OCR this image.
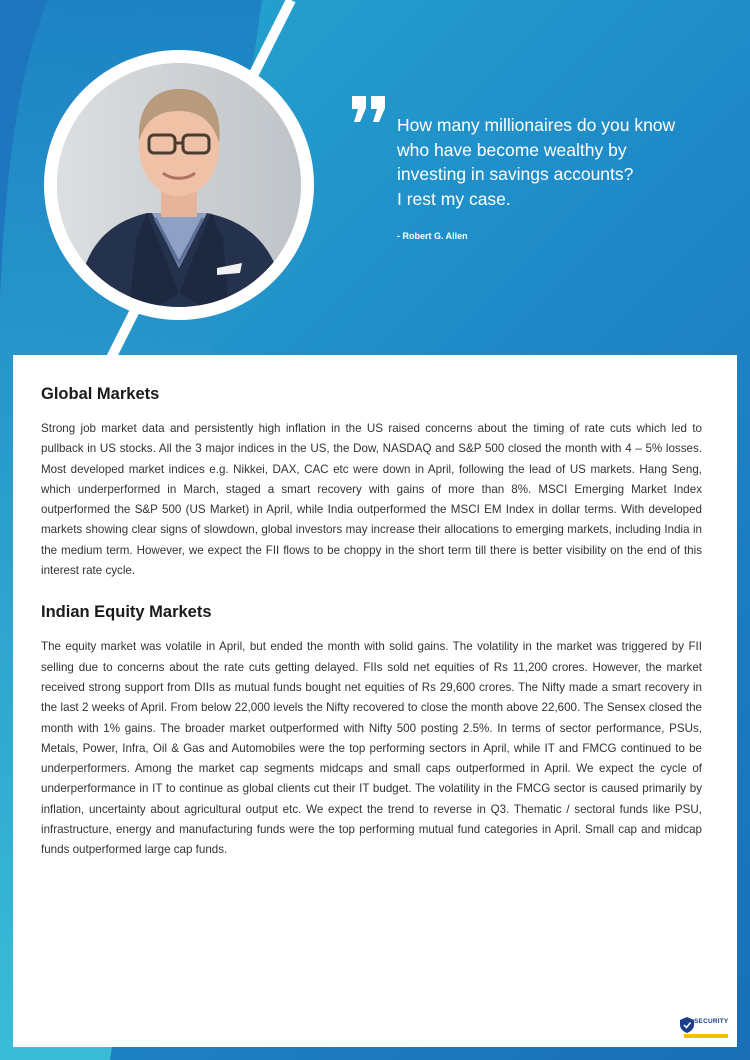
How many millionaires do you know
who have become wealthy by
investing in savings accounts?
I rest my case.

- Robert G. Allen

Global Markets

Strong job market data and persistently high inflation in the US raised concerns about the timing of rate cuts which led to pullback in US stocks. All the 3 major indices in the US, the Dow, NASDAQ and S&P 500 closed the month with 4 – 5% losses. Most developed market indices e.g. Nikkei, DAX, CAC etc were down in April, following the lead of US markets. Hang Seng, which underperformed in March, staged a smart recovery with gains of more than 8%. MSCI Emerging Market Index outperformed the S&P 500 (US Market) in April, while India outperformed the MSCI EM Index in dollar terms. With developed markets showing clear signs of slowdown, global investors may increase their allocations to emerging markets, including India in the medium term. However, we expect the FII flows to be choppy in the short term till there is better visibility on the end of this interest rate cycle.

Indian Equity Markets

The equity market was volatile in April, but ended the month with solid gains. The volatility in the market was triggered by FII selling due to concerns about the rate cuts getting delayed. FIIs sold net equities of Rs 11,200 crores. However, the market received strong support from DIIs as mutual funds bought net equities of Rs 29,600 crores. The Nifty made a smart recovery in the last 2 weeks of April. From below 22,000 levels the Nifty recovered to close the month above 22,600. The Sensex closed the month with 1% gains. The broader market outperformed with Nifty 500 posting 2.5%. In terms of sector performance, PSUs, Metals, Power, Infra, Oil & Gas and Automobiles were the top performing sectors in April, while IT and FMCG continued to be underperformers. Among the market cap segments midcaps and small caps outperformed in April. We expect the cycle of underperformance in IT to continue as global clients cut their IT budget. The volatility in the FMCG sector is caused primarily by inflation, uncertainty about agricultural output etc. We expect the trend to reverse in Q3. Thematic / sectoral funds like PSU, infrastructure, energy and manufacturing funds were the top performing mutual fund categories in April. Small cap and midcap funds outperformed large cap funds.

SECURITY
